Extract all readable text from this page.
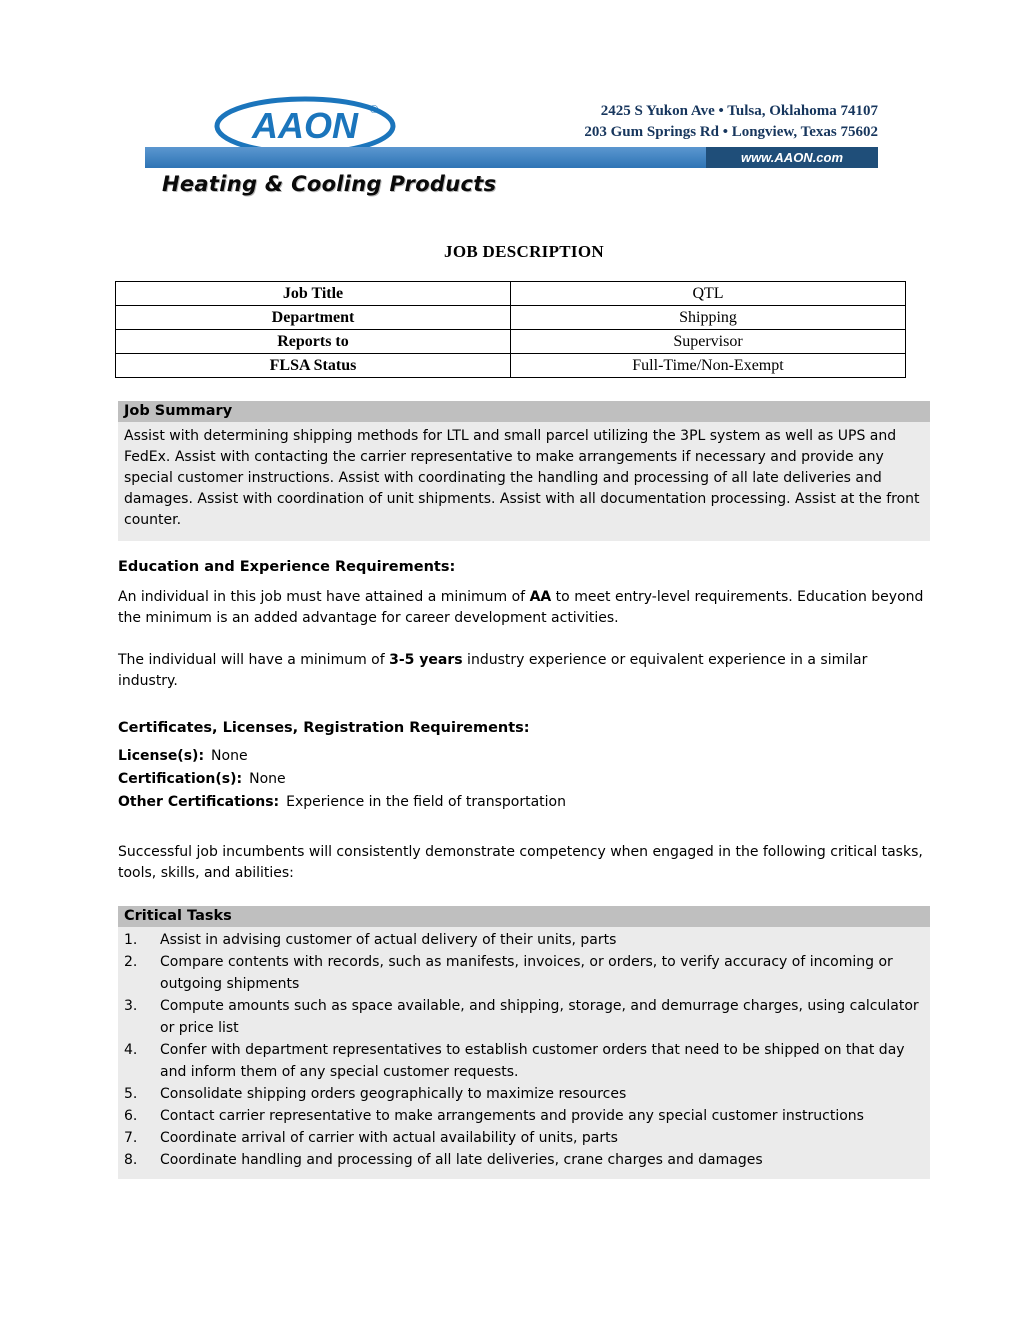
AAON ®	2425 S Yukon Ave • Tulsa, Oklahoma 74107
203 Gum Springs Rd • Longview, Texas 75602
www.AAON.com
Heating & Cooling Products
JOB DESCRIPTION
Job Title	QTL
Department	Shipping
Reports to	Supervisor
FLSA Status	Full-Time/Non-Exempt
Job Summary
Assist with determining shipping methods for LTL and small parcel utilizing the 3PL system as well as UPS and FedEx. Assist with contacting the carrier representative to make arrangements if necessary and provide any special customer instructions. Assist with coordinating the handling and processing of all late deliveries and damages. Assist with coordination of unit shipments. Assist with all documentation processing. Assist at the front counter.
Education and Experience Requirements:

An individual in this job must have attained a minimum of AA to meet entry-level requirements. Education beyond the minimum is an added advantage for career development activities.

The individual will have a minimum of 3-5 years industry experience or equivalent experience in a similar industry.

Certificates, Licenses, Registration Requirements:
License(s): None
Certification(s): None
Other Certifications: Experience in the field of transportation

Successful job incumbents will consistently demonstrate competency when engaged in the following critical tasks, tools, skills, and abilities:

Critical Tasks
Assist in advising customer of actual delivery of their units, parts
Compare contents with records, such as manifests, invoices, or orders, to verify accuracy of incoming or outgoing shipments
Compute amounts such as space available, and shipping, storage, and demurrage charges, using calculator or price list
Confer with department representatives to establish customer orders that need to be shipped on that day and inform them of any special customer requests.
Consolidate shipping orders geographically to maximize resources
Contact carrier representative to make arrangements and provide any special customer instructions
Coordinate arrival of carrier with actual availability of units, parts
Coordinate handling and processing of all late deliveries, crane charges and damages
